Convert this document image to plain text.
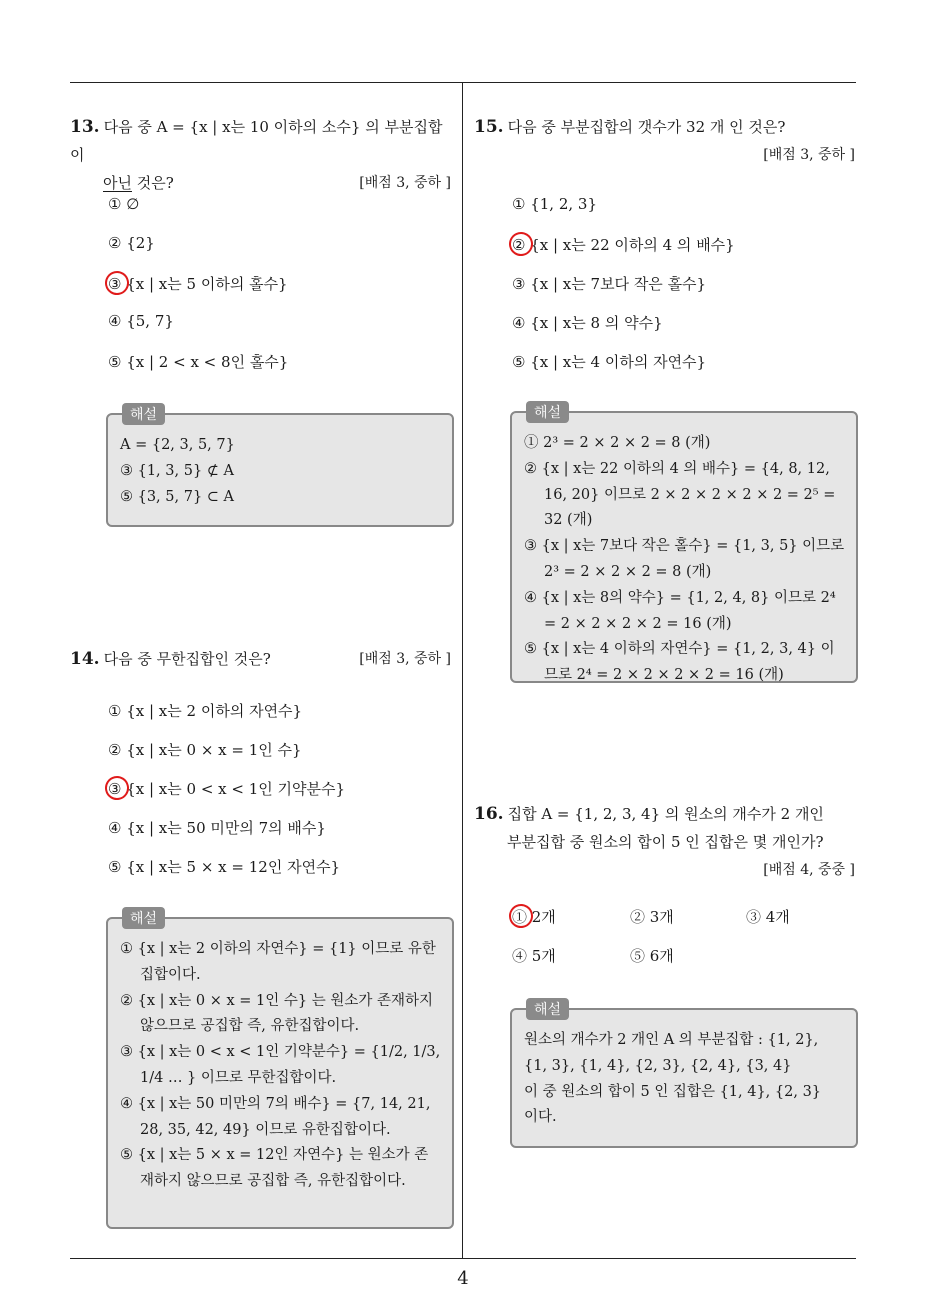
4
13. 다음 중 A = {x | x는 10 이하의 소수} 의 부분집합이
아닌 것은?	[배점 3, 중하 ]
① ∅
② {2}
③ {x | x는 5 이하의 홀수}
④ {5, 7}
⑤ {x | 2 < x < 8인 홀수}
해설
A = {2, 3, 5, 7}
③ {1, 3, 5} ⊄ A
⑤ {3, 5, 7} ⊂ A
14. 다음 중 무한집합인 것은?	[배점 3, 중하 ]
① {x | x는 2 이하의 자연수}
② {x | x는 0 × x = 1인 수}
③ {x | x는 0 < x < 1인 기약분수}
④ {x | x는 50 미만의 7의 배수}
⑤ {x | x는 5 × x = 12인 자연수}
해설
① {x | x는 2 이하의 자연수} = {1} 이므로 유한 집합이다.
② {x | x는 0 × x = 1인 수} 는 원소가 존재하지 않으므로 공집합 즉, 유한집합이다.
③ {x | x는 0 < x < 1인 기약분수} = {1/2, 1/3,
1/4 … } 이므로 무한집합이다.
④ {x | x는 50 미만의 7의 배수} = {7, 14, 21, 28, 35, 42, 49} 이므로 유한집합이다.
⑤ {x | x는 5 × x = 12인 자연수} 는 원소가 존재하지 않으므로 공집합 즉, 유한집합이다.
15. 다음 중 부분집합의 갯수가 32 개 인 것은?
[배점 3, 중하 ]

① {1, 2, 3}
② {x | x는 22 이하의 4 의 배수}
③ {x | x는 7보다 작은 홀수}
④ {x | x는 8 의 약수}
⑤ {x | x는 4 이하의 자연수}
해설
① 2³ = 2 × 2 × 2 = 8 (개)
② {x | x는 22 이하의 4 의 배수} = {4, 8, 12, 16, 20} 이므로 2 × 2 × 2 × 2 × 2 = 2⁵ = 32 (개)
③ {x | x는 7보다 작은 홀수} = {1, 3, 5} 이므로 2³ = 2 × 2 × 2 = 8 (개)
④ {x | x는 8의 약수} = {1, 2, 4, 8} 이므로 2⁴ = 2 × 2 × 2 × 2 = 16 (개)
⑤ {x | x는 4 이하의 자연수} = {1, 2, 3, 4} 이므로 2⁴ = 2 × 2 × 2 × 2 = 16 (개)
16. 집합 A = {1, 2, 3, 4} 의 원소의 개수가 2 개인
부분집합 중 원소의 합이 5 인 집합은 몇 개인가?
[배점 4, 중중 ]

① 2개	② 3개	③ 4개
④ 5개	⑤ 6개
해설
원소의 개수가 2 개인 A 의 부분집합 : {1, 2},
{1, 3}, {1, 4}, {2, 3}, {2, 4}, {3, 4}
이 중 원소의 합이 5 인 집합은 {1, 4}, {2, 3}
이다.
